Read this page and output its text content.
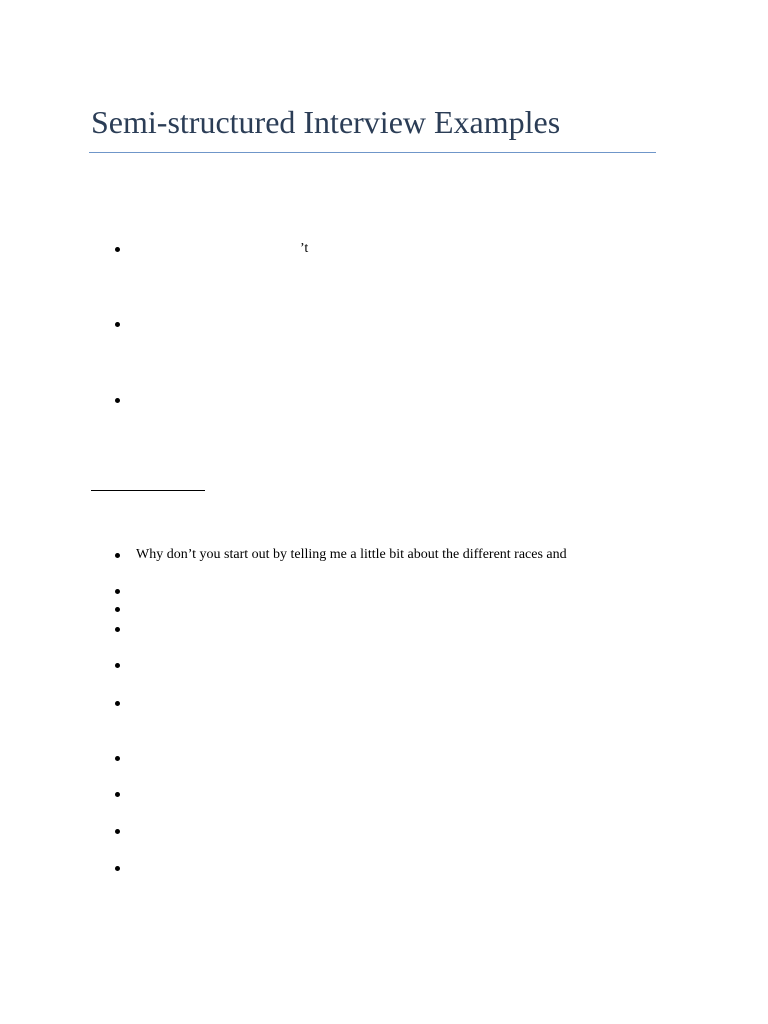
Semi-structured Interview Examples
’t
Why don’t you start out by telling me a little bit about the different races and
